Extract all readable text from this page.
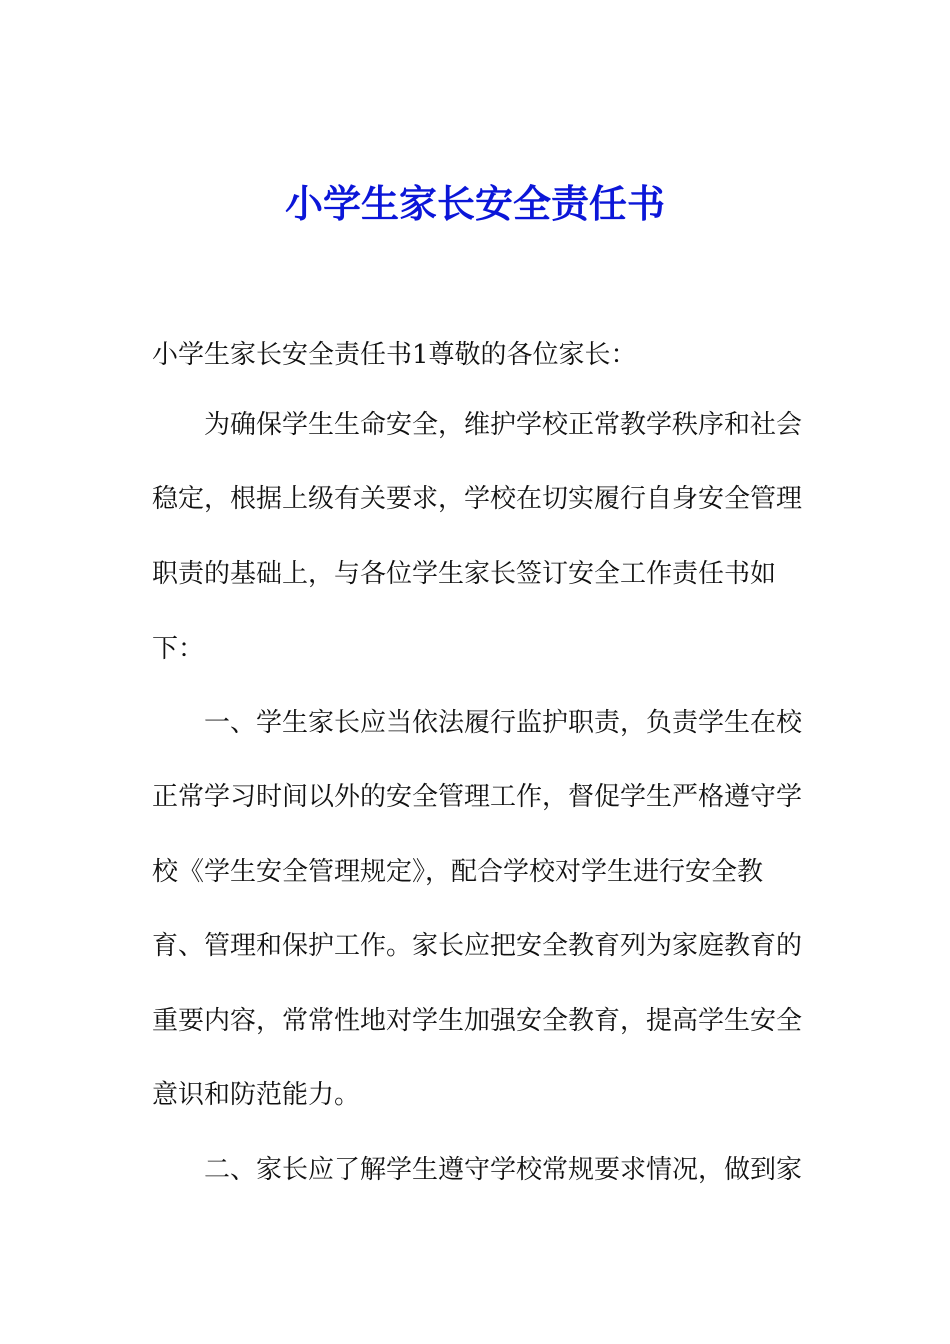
小学生家长安全责任书
小学生家长安全责任书1尊敬的各位家长：
为确保学生生命安全，维护学校正常教学秩序和社会
稳定，根据上级有关要求，学校在切实履行自身安全管理
职责的基础上，与各位学生家长签订安全工作责任书如
下：
一、学生家长应当依法履行监护职责，负责学生在校
正常学习时间以外的安全管理工作，督促学生严格遵守学
校《学生安全管理规定》，配合学校对学生进行安全教
育、管理和保护工作。家长应把安全教育列为家庭教育的
重要内容，常常性地对学生加强安全教育，提高学生安全
意识和防范能力。
二、家长应了解学生遵守学校常规要求情况，做到家
